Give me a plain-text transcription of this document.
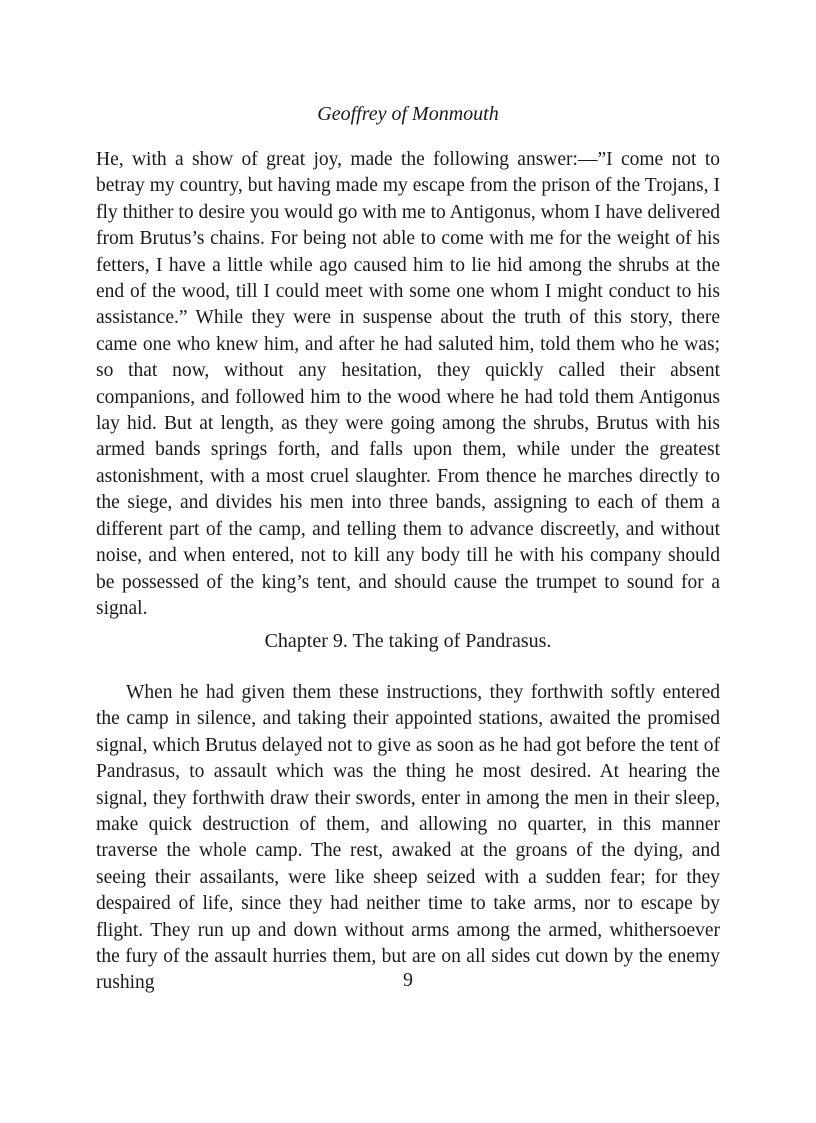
Geoffrey of Monmouth

He, with a show of great joy, made the following answer:—”I come not to betray my country, but having made my escape from the prison of the Trojans, I fly thither to desire you would go with me to Antigonus, whom I have delivered from Brutus’s chains. For being not able to come with me for the weight of his fetters, I have a little while ago caused him to lie hid among the shrubs at the end of the wood, till I could meet with some one whom I might conduct to his assistance.” While they were in suspense about the truth of this story, there came one who knew him, and after he had saluted him, told them who he was; so that now, without any hesitation, they quickly called their absent companions, and followed him to the wood where he had told them Antigonus lay hid. But at length, as they were going among the shrubs, Brutus with his armed bands springs forth, and falls upon them, while under the greatest astonishment, with a most cruel slaughter. From thence he marches directly to the siege, and divides his men into three bands, assigning to each of them a different part of the camp, and telling them to advance discreetly, and without noise, and when entered, not to kill any body till he with his company should be possessed of the king’s tent, and should cause the trumpet to sound for a signal.

Chapter 9. The taking of Pandrasus.

When he had given them these instructions, they forthwith softly entered the camp in silence, and taking their appointed stations, awaited the promised signal, which Brutus delayed not to give as soon as he had got before the tent of Pandrasus, to assault which was the thing he most desired. At hearing the signal, they forthwith draw their swords, enter in among the men in their sleep, make quick destruction of them, and allowing no quarter, in this manner traverse the whole camp. The rest, awaked at the groans of the dying, and seeing their assailants, were like sheep seized with a sudden fear; for they despaired of life, since they had neither time to take arms, nor to escape by flight. They run up and down without arms among the armed, whithersoever the fury of the assault hurries them, but are on all sides cut down by the enemy rushing	9
